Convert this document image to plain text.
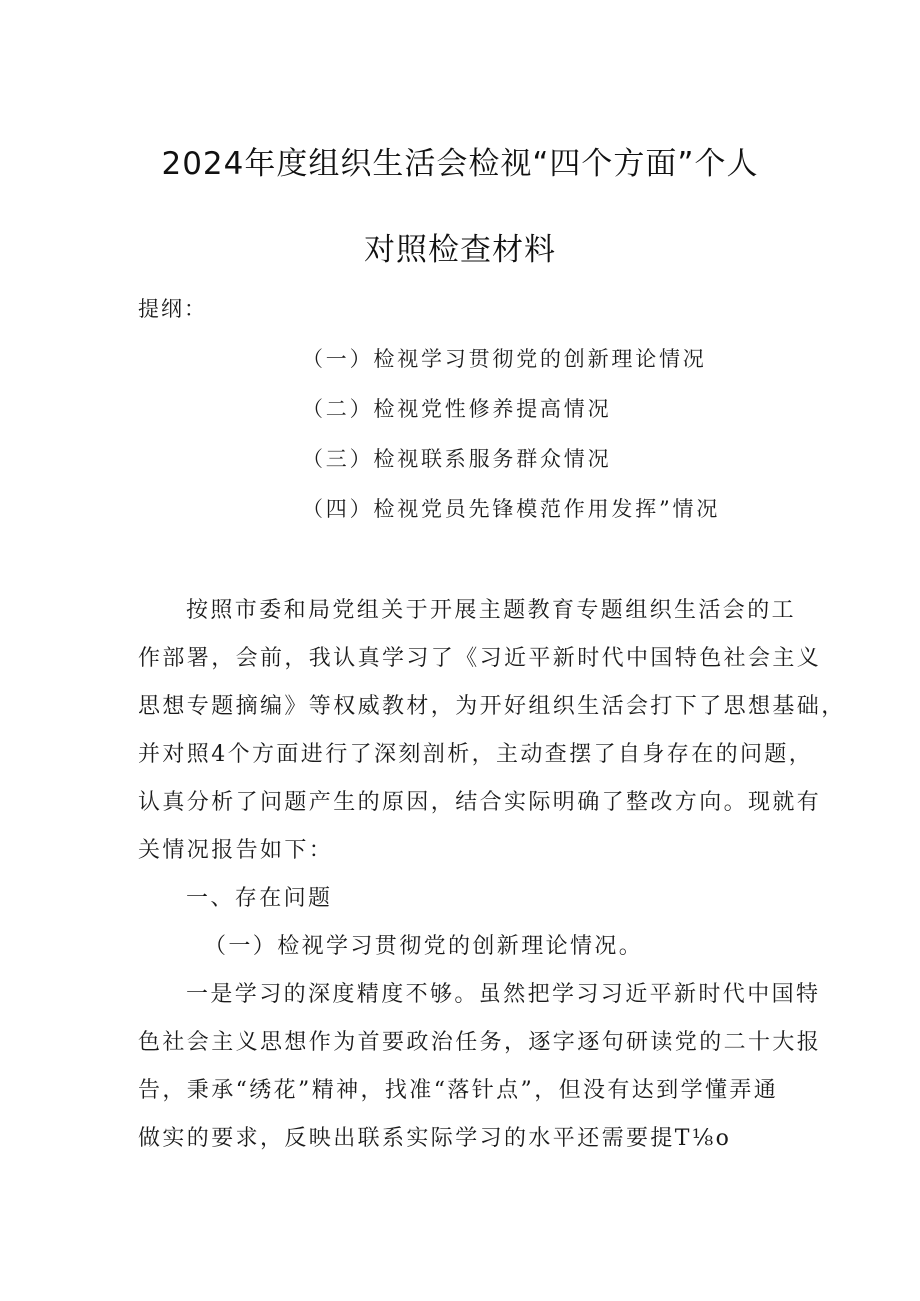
2024年度组织生活会检视“四个方面”个人
对照检查材料
提纲：
（一）检视学习贯彻党的创新理论情况
（二）检视党性修养提高情况
（三）检视联系服务群众情况
（四）检视党员先锋模范作用发挥”情况
按照市委和局党组关于开展主题教育专题组织生活会的工
作部署，会前，我认真学习了《习近平新时代中国特色社会主义
思想专题摘编》等权威教材，为开好组织生活会打下了思想基础，
并对照4个方面进行了深刻剖析，主动查摆了自身存在的问题，
认真分析了问题产生的原因，结合实际明确了整改方向。现就有
关情况报告如下：
一、存在问题
（一）检视学习贯彻党的创新理论情况。
一是学习的深度精度不够。虽然把学习习近平新时代中国特
色社会主义思想作为首要政治任务，逐字逐句研读党的二十大报
告，秉承“绣花”精神，找准“落针点”，但没有达到学懂弄通
做实的要求，反映出联系实际学习的水平还需要提T⅛o
